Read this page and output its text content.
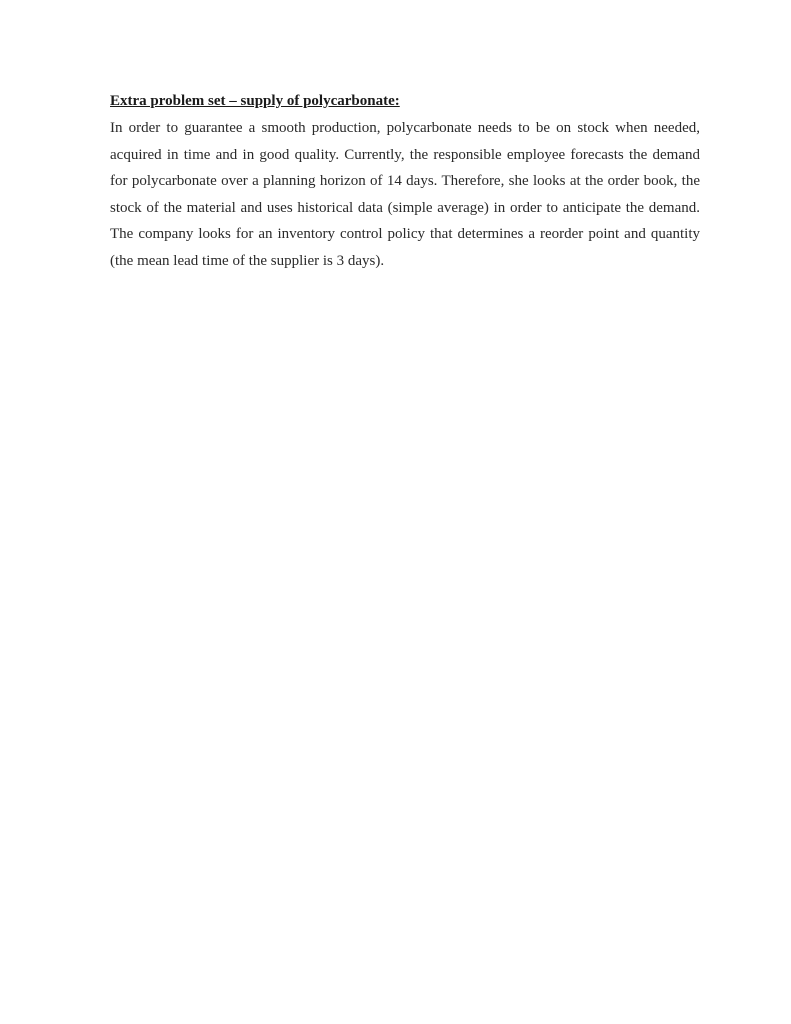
Extra problem set – supply of polycarbonate:

In order to guarantee a smooth production, polycarbonate needs to be on stock when needed, acquired in time and in good quality. Currently, the responsible employee forecasts the demand for polycarbonate over a planning horizon of 14 days. Therefore, she looks at the order book, the stock of the material and uses historical data (simple average) in order to anticipate the demand. The company looks for an inventory control policy that determines a reorder point and quantity (the mean lead time of the supplier is 3 days).
